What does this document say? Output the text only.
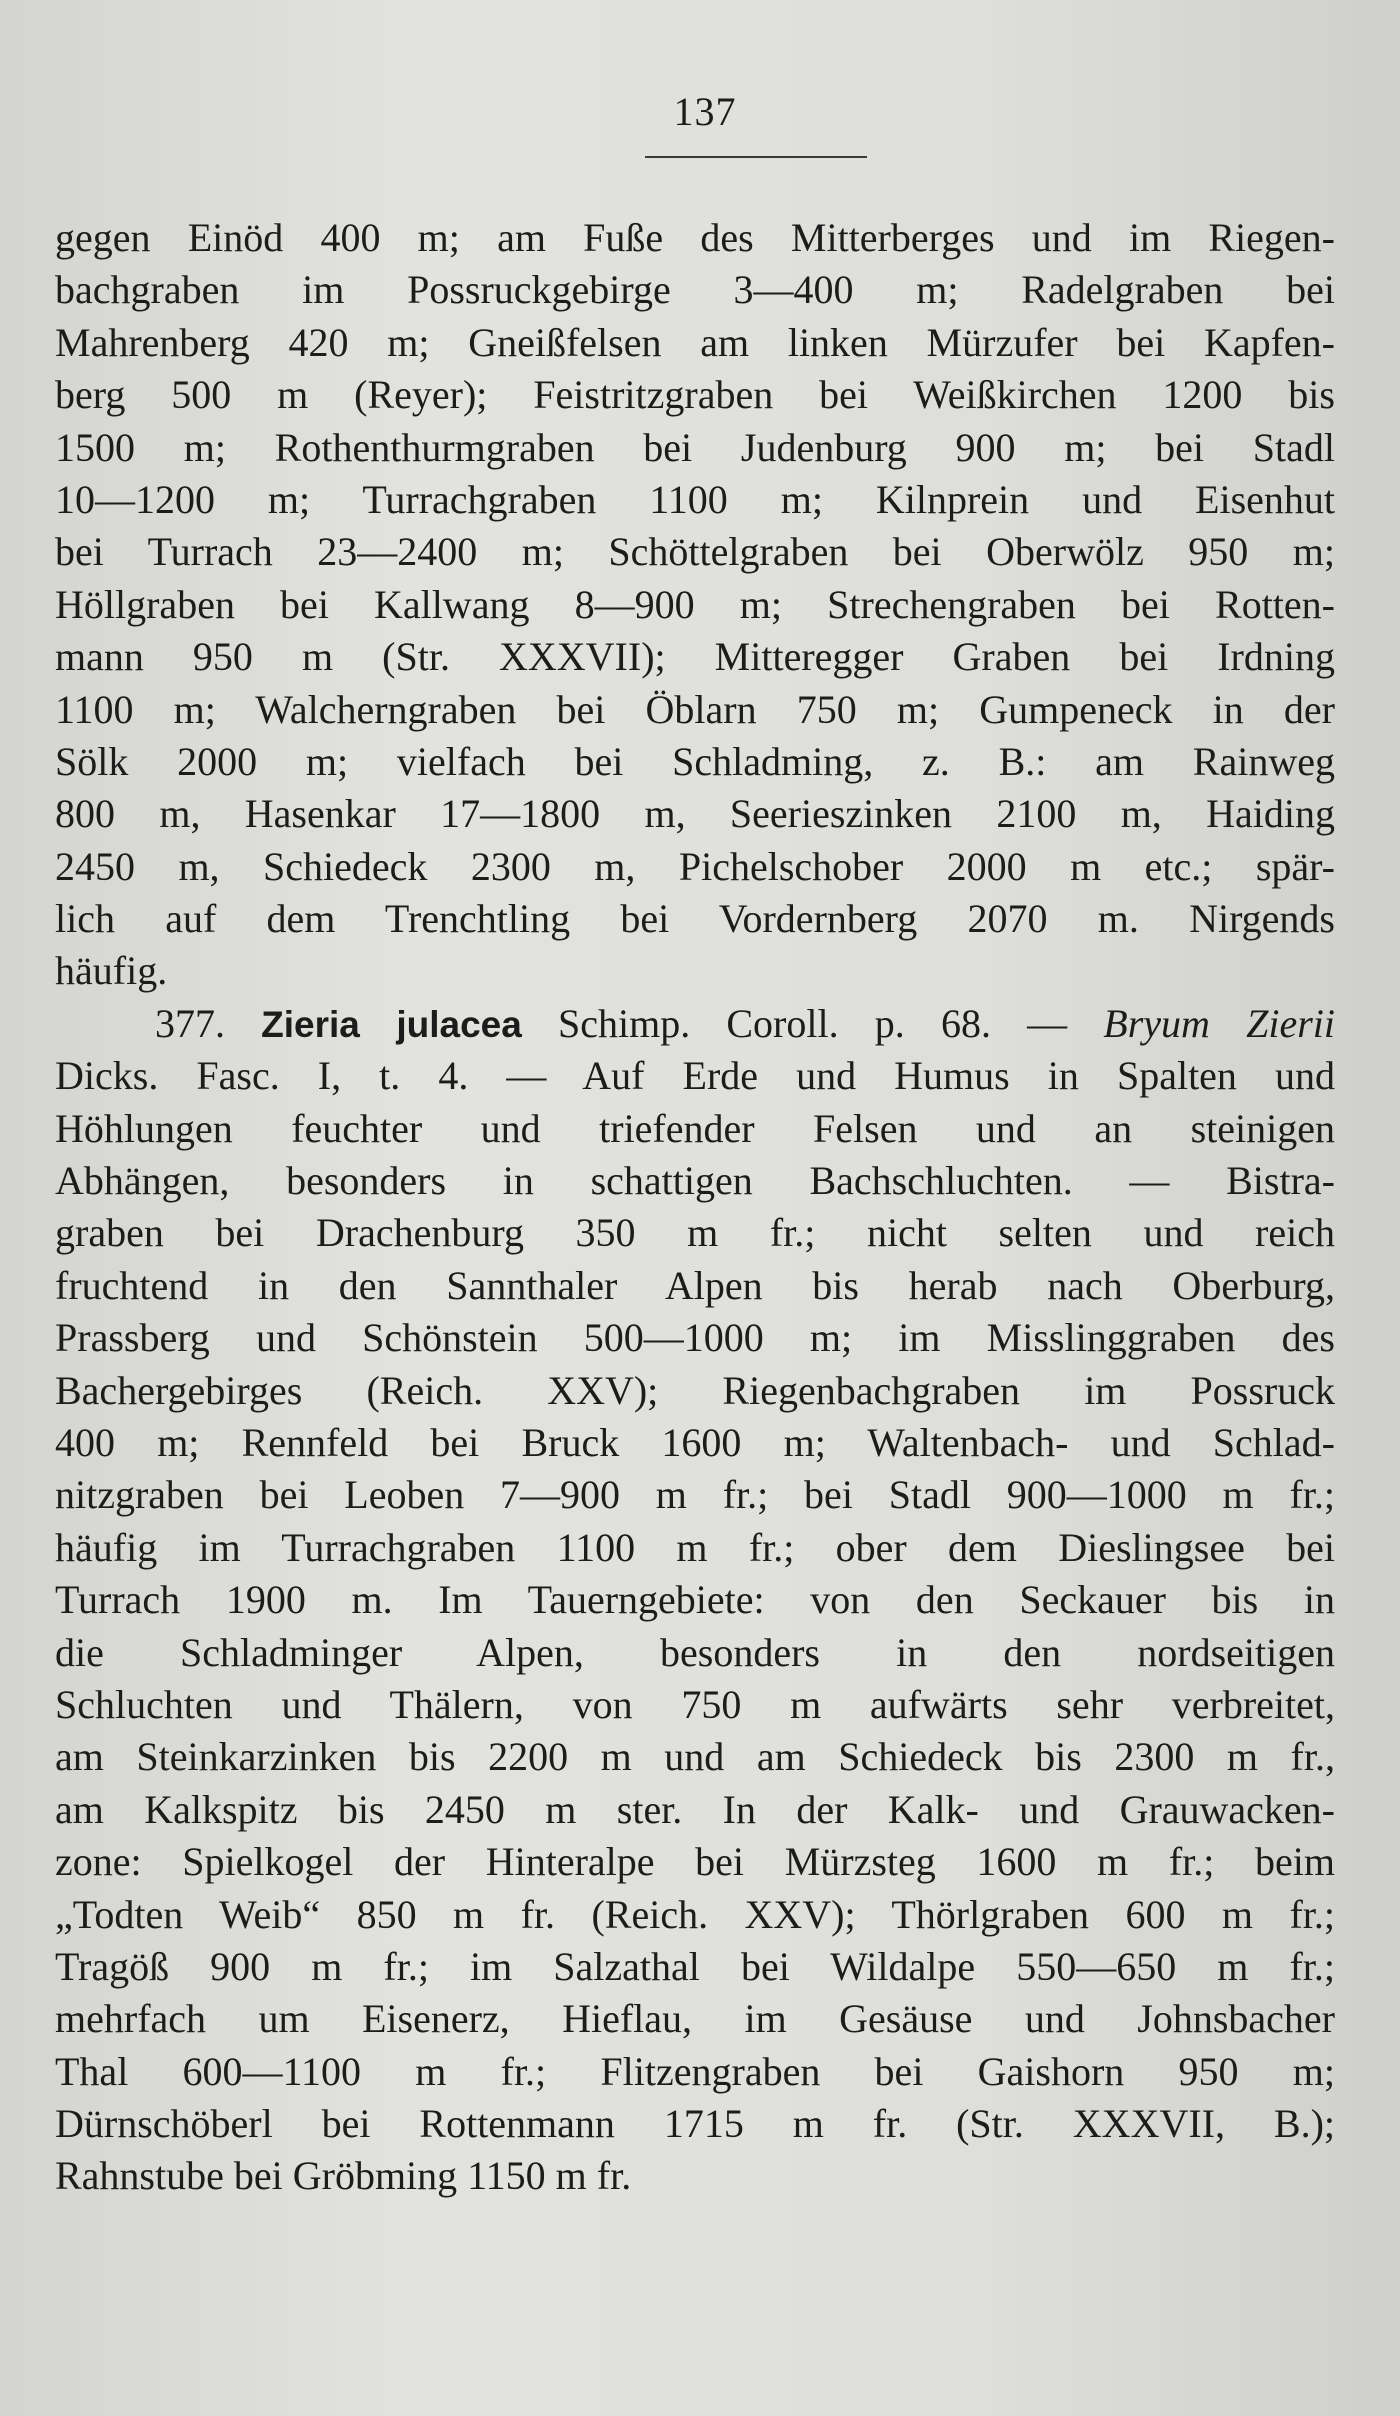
137
gegen Einöd 400 m; am Fuße des Mitterberges und im Riegen-
bachgraben im Possruckgebirge 3—400 m; Radelgraben bei
Mahrenberg 420 m; Gneißfelsen am linken Mürzufer bei Kapfen-
berg 500 m (Reyer); Feistritzgraben bei Weißkirchen 1200 bis
1500 m; Rothenthurmgraben bei Judenburg 900 m; bei Stadl
10—1200 m; Turrachgraben 1100 m; Kilnprein und Eisenhut
bei Turrach 23—2400 m; Schöttelgraben bei Oberwölz 950 m;
Höllgraben bei Kallwang 8—900 m; Strechengraben bei Rotten-
mann 950 m (Str. XXXVII); Mitteregger Graben bei Irdning
1100 m; Walcherngraben bei Öblarn 750 m; Gumpeneck in der
Sölk 2000 m; vielfach bei Schladming, z. B.: am Rainweg
800 m, Hasenkar 17—1800 m, Seerieszinken 2100 m, Haiding
2450 m, Schiedeck 2300 m, Pichelschober 2000 m etc.; spär-
lich auf dem Trenchtling bei Vordernberg 2070 m. Nirgends
häufig.
377. Zieria julacea Schimp. Coroll. p. 68. — Bryum Zierii
Dicks. Fasc. I, t. 4. — Auf Erde und Humus in Spalten und
Höhlungen feuchter und triefender Felsen und an steinigen
Abhängen, besonders in schattigen Bachschluchten. — Bistra-
graben bei Drachenburg 350 m fr.; nicht selten und reich
fruchtend in den Sannthaler Alpen bis herab nach Oberburg,
Prassberg und Schönstein 500—1000 m; im Misslinggraben des
Bachergebirges (Reich. XXV); Riegenbachgraben im Possruck
400 m; Rennfeld bei Bruck 1600 m; Waltenbach- und Schlad-
nitzgraben bei Leoben 7—900 m fr.; bei Stadl 900—1000 m fr.;
häufig im Turrachgraben 1100 m fr.; ober dem Dieslingsee bei
Turrach 1900 m. Im Tauerngebiete: von den Seckauer bis in
die Schladminger Alpen, besonders in den nordseitigen
Schluchten und Thälern, von 750 m aufwärts sehr verbreitet,
am Steinkarzinken bis 2200 m und am Schiedeck bis 2300 m fr.,
am Kalkspitz bis 2450 m ster. In der Kalk- und Grauwacken-
zone: Spielkogel der Hinteralpe bei Mürzsteg 1600 m fr.; beim
„Todten Weib“ 850 m fr. (Reich. XXV); Thörlgraben 600 m fr.;
Tragöß 900 m fr.; im Salzathal bei Wildalpe 550—650 m fr.;
mehrfach um Eisenerz, Hieflau, im Gesäuse und Johnsbacher
Thal 600—1100 m fr.; Flitzengraben bei Gaishorn 950 m;
Dürnschöberl bei Rottenmann 1715 m fr. (Str. XXXVII, B.);
Rahnstube bei Gröbming 1150 m fr.
